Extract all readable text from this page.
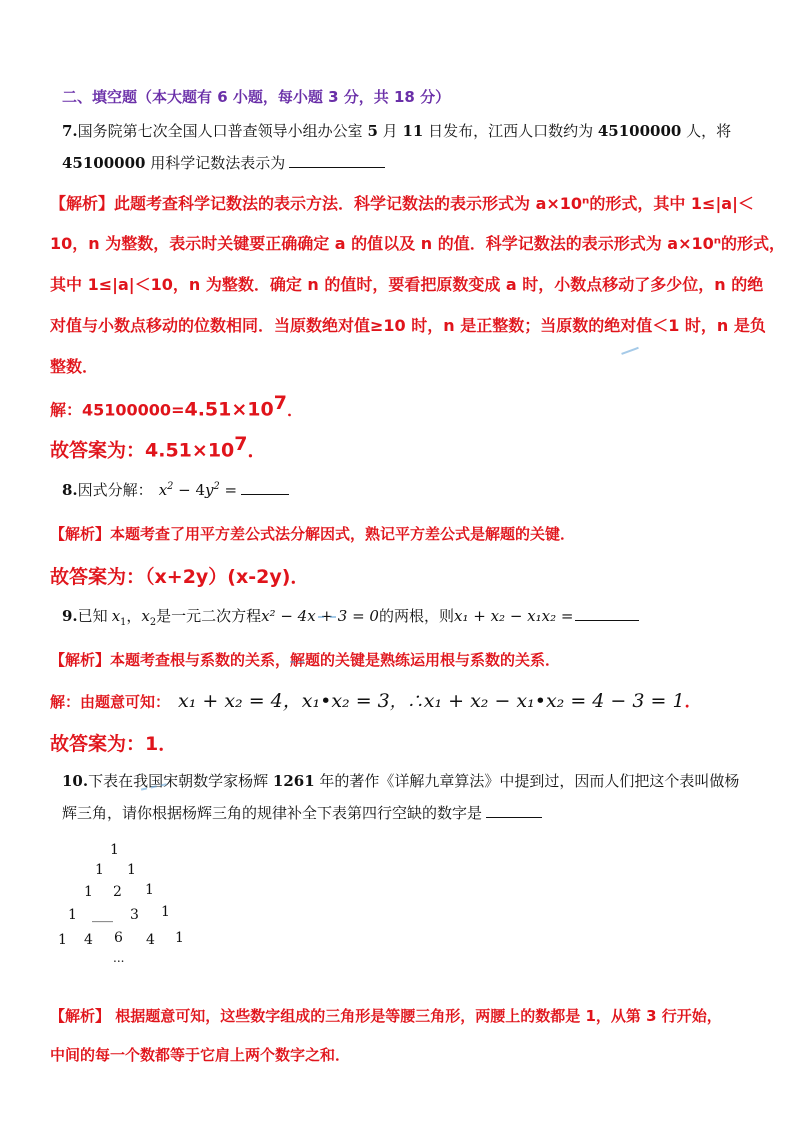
二、填空题（本大题有 6 小题，每小题 3 分，共 18 分）
7.国务院第七次全国人口普查领导小组办公室 5 月 11 日发布，江西人口数约为 45100000 人，将
45100000 用科学记数法表示为
【解析】此题考查科学记数法的表示方法．科学记数法的表示形式为 a×10ⁿ的形式，其中 1≤|a|＜
10，n 为整数，表示时关键要正确确定 a 的值以及 n 的值．科学记数法的表示形式为 a×10ⁿ的形式，
其中 1≤|a|＜10，n 为整数．确定 n 的值时，要看把原数变成 a 时，小数点移动了多少位，n 的绝
对值与小数点移动的位数相同．当原数绝对值≥10 时，n 是正整数；当原数的绝对值＜1 时，n 是负
整数．
解：$45100000=4.51\times 10^7$．
故答案为：$4.51\times 10^7$．
8.因式分解： $x^2 - 4y^2$ =
【解析】本题考查了用平方差公式法分解因式，熟记平方差公式是解题的关键．
故答案为：（x+2y）(x-2y)．
9.已知 $x_1$，$x_2$是一元二次方程x² − 4x + 3 = 0的两根，则x₁ + x₂ − x₁x₂ =
【解析】本题考查根与系数的关系，解题的关键是熟练运用根与系数的关系．
解：由题意可知： x₁ + x₂ = 4，x₁•x₂ = 3，∴x₁ + x₂ − x₁•x₂ = 4 − 3 = 1．
故答案为：1．
10.下表在我国宋朝数学家杨辉 1261 年的著作《详解九章算法》中提到过，因而人们把这个表叫做杨
辉三角，请你根据杨辉三角的规律补全下表第四行空缺的数字是
1
1 1
1 2 1
1 ___ 3 1
1 4 6 4 1
...
【解析】 根据题意可知，这些数字组成的三角形是等腰三角形，两腰上的数都是 1，从第 3 行开始，
中间的每一个数都等于它肩上两个数字之和．
